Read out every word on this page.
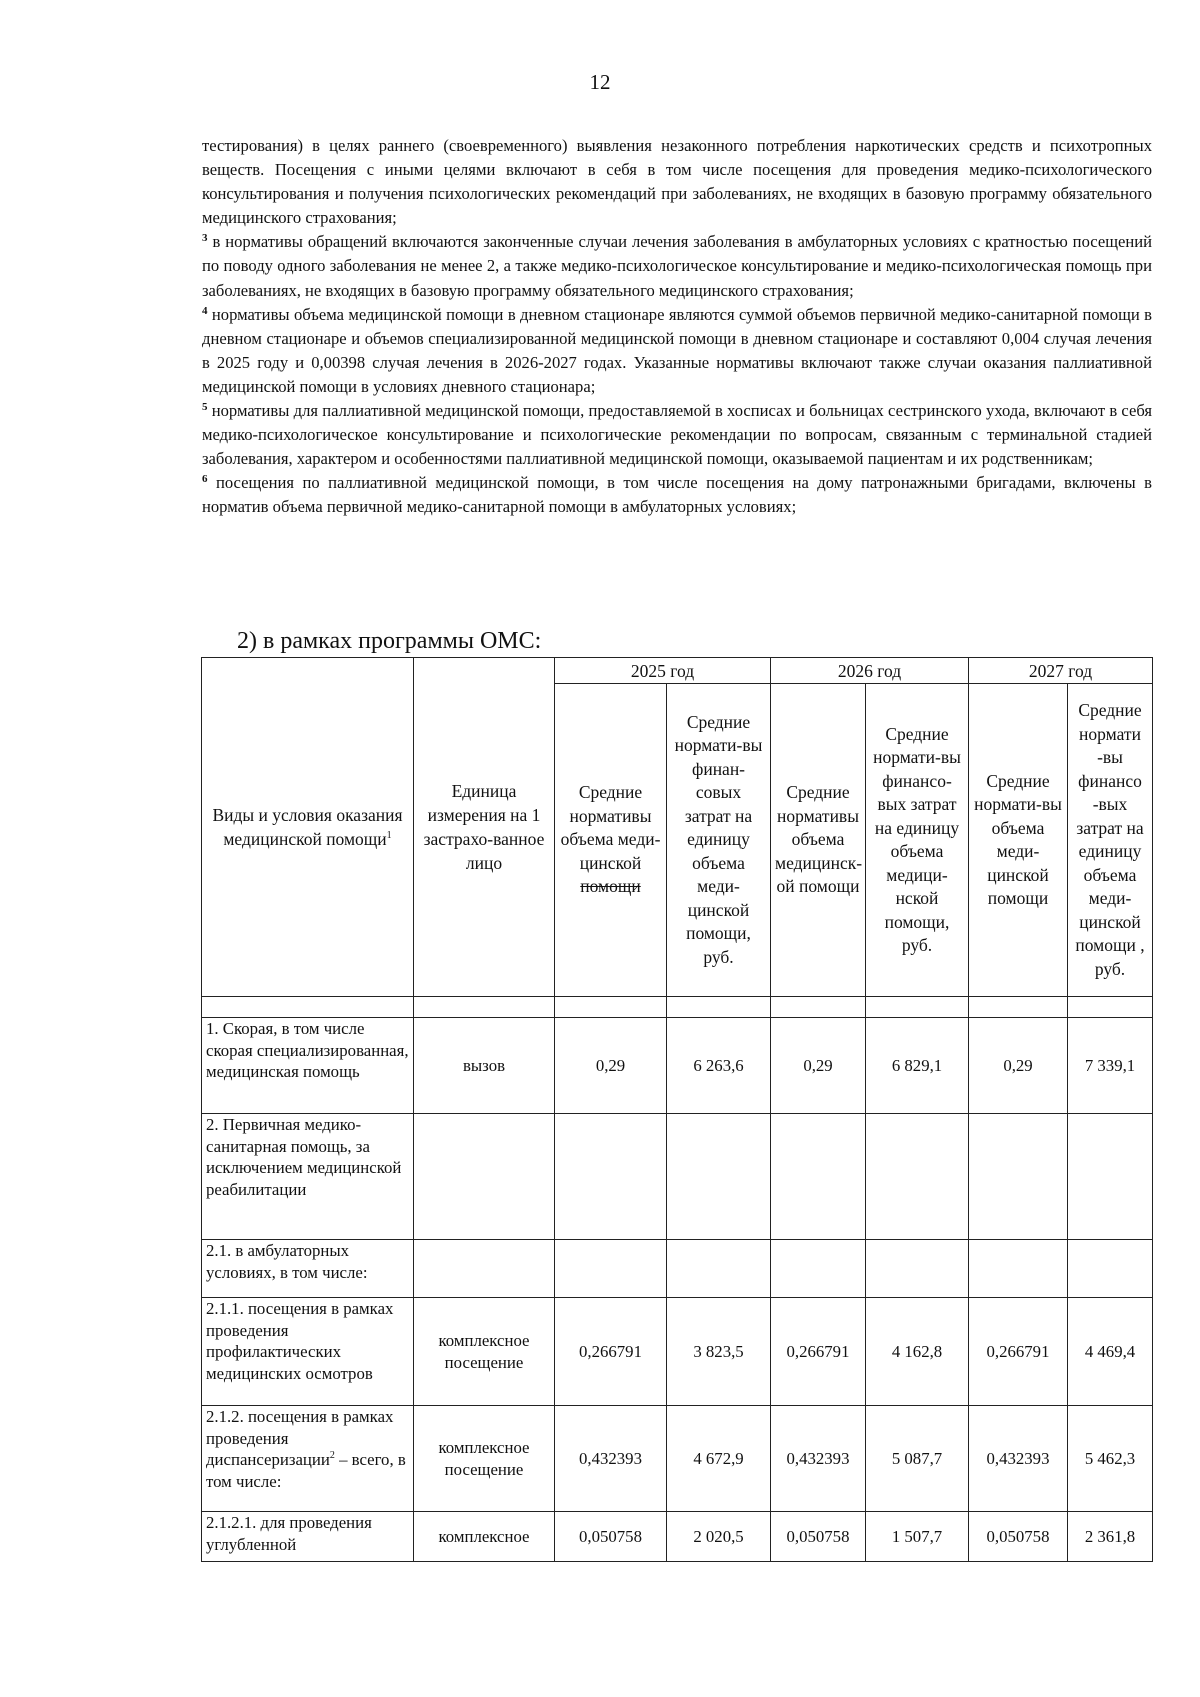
12

тестирования) в целях раннего (своевременного) выявления незаконного потребления наркотических средств и психотропных веществ. Посещения с иными целями включают в себя в том числе посещения для проведения медико-психологического консультирования и получения психологических рекомендаций при заболеваниях, не входящих в базовую программу обязательного медицинского страхования;

$^3$ в нормативы обращений включаются законченные случаи лечения заболевания в амбулаторных условиях с кратностью посещений по поводу одного заболевания не менее 2, а также медико-психологическое консультирование и медико-психологическая помощь при заболеваниях, не входящих в базовую программу обязательного медицинского страхования;

$^4$ нормативы объема медицинской помощи в дневном стационаре являются суммой объемов первичной медико-санитарной помощи в дневном стационаре и объемов специализированной медицинской помощи в дневном стационаре и составляют 0,004 случая лечения в 2025 году и 0,00398 случая лечения в 2026-2027 годах. Указанные нормативы включают также случаи оказания паллиативной медицинской помощи в условиях дневного стационара;

$^5$ нормативы для паллиативной медицинской помощи, предоставляемой в хосписах и больницах сестринского ухода, включают в себя медико-психологическое консультирование и психологические рекомендации по вопросам, связанным с терминальной стадией заболевания, характером и особенностями паллиативной медицинской помощи, оказываемой пациентам и их родственникам;

$^6$ посещения по паллиативной медицинской помощи, в том числе посещения на дому патронажными бригадами, включены в норматив объема первичной медико-санитарной помощи в амбулаторных условиях;

2) в рамках программы ОМС:
Виды и условия оказания медицинской помощи$^1$	Единица измерения на 1 застрахо-ванное лицо	2025 год		2026 год		2027 год	
		Средние нормативы объема меди-цинской помощи	Средние нормати-вы финан-совых затрат на единицу объема меди-цинской помощи, руб.	Средние нормативы объема медицинск-ой помощи	Средние нормати-вы финансо-вых затрат на единицу объема медици-нской помощи, руб.	Средние нормати-вы объема меди-цинской помощи	Средние нормати -вы финансо -вых затрат на единицу объема меди-цинской помощи , руб.

1. Скорая, в том числе скорая специализированная, медицинская помощь	вызов	0,29	6 263,6	0,29	6 829,1	0,29	7 339,1
2. Первичная медико-санитарная помощь, за исключением медицинской реабилитации							
2.1. в амбулаторных условиях, в том числе:							
2.1.1. посещения в рамках проведения профилактических медицинских осмотров	комплексное посещение	0,266791	3 823,5	0,266791	4 162,8	0,266791	4 469,4
2.1.2. посещения в рамках проведения диспансеризации$^2$ – всего, в том числе:	комплексное посещение	0,432393	4 672,9	0,432393	5 087,7	0,432393	5 462,3
2.1.2.1. для проведения углубленной	комплексное	0,050758	2 020,5	0,050758	1 507,7	0,050758	2 361,8
